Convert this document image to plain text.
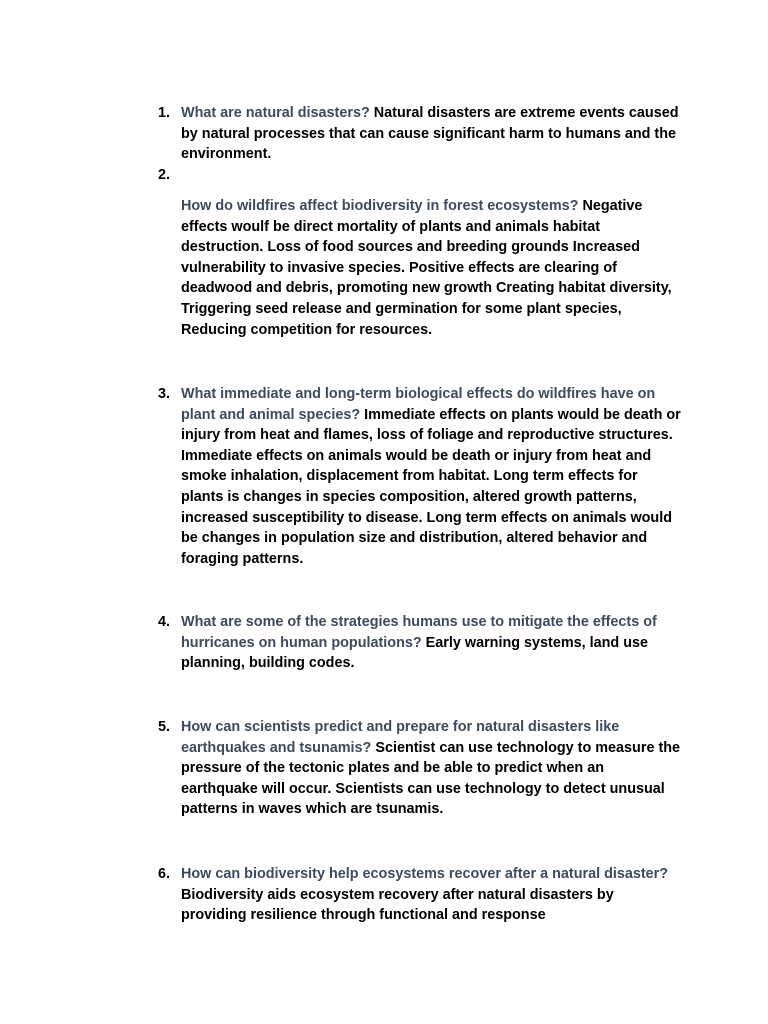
1. What are natural disasters? Natural disasters are extreme events caused by natural processes that can cause significant harm to humans and the environment.
2.
How do wildfires affect biodiversity in forest ecosystems? Negative effects woulf be direct mortality of plants and animals habitat destruction. Loss of food sources and breeding grounds Increased vulnerability to invasive species. Positive effects are clearing of deadwood and debris, promoting new growth Creating habitat diversity, Triggering seed release and germination for some plant species, Reducing competition for resources.
3. What immediate and long-term biological effects do wildfires have on plant and animal species? Immediate effects on plants would be death or injury from heat and flames, loss of foliage and reproductive structures. Immediate effects on animals would be death or injury from heat and smoke inhalation, displacement from habitat. Long term effects for plants is changes in species composition, altered growth patterns, increased susceptibility to disease. Long term effects on animals would be changes in population size and distribution, altered behavior and foraging patterns.
4. What are some of the strategies humans use to mitigate the effects of hurricanes on human populations? Early warning systems, land use planning, building codes.
5. How can scientists predict and prepare for natural disasters like earthquakes and tsunamis? Scientist can use technology to measure the pressure of the tectonic plates and be able to predict when an earthquake will occur. Scientists can use technology to detect unusual patterns in waves which are tsunamis.
6. How can biodiversity help ecosystems recover after a natural disaster? Biodiversity aids ecosystem recovery after natural disasters by providing resilience through functional and response
